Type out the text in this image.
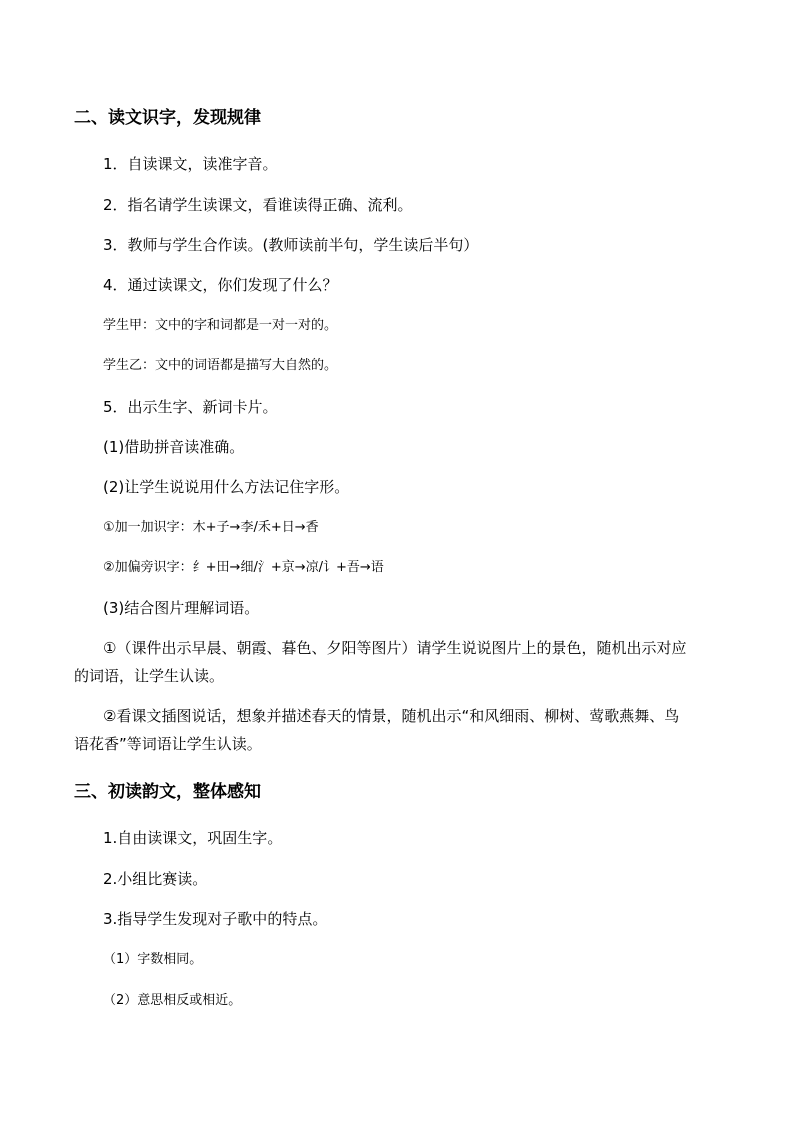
二、读文识字，发现规律
1．自读课文，读准字音。
2．指名请学生读课文，看谁读得正确、流利。
3．教师与学生合作读。(教师读前半句，学生读后半句）
4．通过读课文，你们发现了什么？
学生甲：文中的字和词都是一对一对的。
学生乙：文中的词语都是描写大自然的。
5．出示生字、新词卡片。
(1)借助拼音读准确。
(2)让学生说说用什么方法记住字形。
①加一加识字：木+子→李/禾+日→香
②加偏旁识字：纟+田→细/氵+京→凉/讠+吾→语
(3)结合图片理解词语。
①（课件出示早晨、朝霞、暮色、夕阳等图片）请学生说说图片上的景色，随机出示对应
的词语，让学生认读。
②看课文插图说话，想象并描述春天的情景，随机出示“和风细雨、柳树、莺歌燕舞、鸟
语花香”等词语让学生认读。
三、初读韵文，整体感知
1.自由读课文，巩固生字。
2.小组比赛读。
3.指导学生发现对子歌中的特点。
（1）字数相同。
（2）意思相反或相近。
